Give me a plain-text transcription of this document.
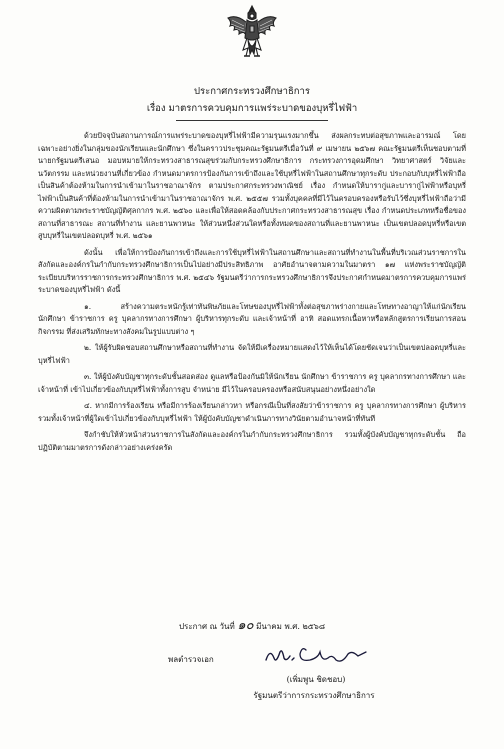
ประกาศกระทรวงศึกษาธิการ
เรื่อง มาตรการควบคุมการแพร่ระบาดของบุหรี่ไฟฟ้า

ด้วยปัจจุบันสถานการณ์การแพร่ระบาดของบุหรี่ไฟฟ้ามีความรุนแรงมากขึ้น ส่งผลกระทบต่อสุขภาพและอารมณ์ โดยเฉพาะอย่างยิ่งในกลุ่มของนักเรียนและนักศึกษา ซึ่งในคราวประชุมคณะรัฐมนตรีเมื่อวันที่ ๙ เมษายน ๒๕๖๗ คณะรัฐมนตรีเห็นชอบตามที่นายกรัฐมนตรีเสนอ มอบหมายให้กระทรวงสาธารณสุขร่วมกับกระทรวงศึกษาธิการ กระทรวงการอุดมศึกษา วิทยาศาสตร์ วิจัยและนวัตกรรม และหน่วยงานที่เกี่ยวข้อง กำหนดมาตรการป้องกันการเข้าถึงและใช้บุหรี่ไฟฟ้าในสถานศึกษาทุกระดับ ประกอบกับบุหรี่ไฟฟ้าถือเป็นสินค้าต้องห้ามในการนำเข้ามาในราชอาณาจักร ตามประกาศกระทรวงพาณิชย์ เรื่อง กำหนดให้บารากู่และบารากู่ไฟฟ้าหรือบุหรี่ไฟฟ้าเป็นสินค้าที่ต้องห้ามในการนำเข้ามาในราชอาณาจักร พ.ศ. ๒๕๕๗ รวมทั้งบุคคลที่มีไว้ในครอบครองหรือรับไว้ซึ่งบุหรี่ไฟฟ้าถือว่ามีความผิดตามพระราชบัญญัติศุลกากร พ.ศ. ๒๕๖๐ และเพื่อให้สอดคล้องกับประกาศกระทรวงสาธารณสุข เรื่อง กำหนดประเภทหรือชื่อของสถานที่สาธารณะ สถานที่ทำงาน และยานพาหนะ ให้ส่วนหนึ่งส่วนใดหรือทั้งหมดของสถานที่และยานพาหนะ เป็นเขตปลอดบุหรี่หรือเขตสูบบุหรี่ในเขตปลอดบุหรี่ พ.ศ. ๒๕๖๑

ดังนั้น เพื่อให้การป้องกันการเข้าถึงและการใช้บุหรี่ไฟฟ้าในสถานศึกษาและสถานที่ทำงานในพื้นที่บริเวณส่วนราชการในสังกัดและองค์กรในกำกับกระทรวงศึกษาธิการเป็นไปอย่างมีประสิทธิภาพ อาศัยอำนาจตามความในมาตรา ๑๗ แห่งพระราชบัญญัติระเบียบบริหารราชการกระทรวงศึกษาธิการ พ.ศ. ๒๕๔๖ รัฐมนตรีว่าการกระทรวงศึกษาธิการจึงประกาศกำหนดมาตรการควบคุมการแพร่ระบาดของบุหรี่ไฟฟ้า ดังนี้

๑. สร้างความตระหนักรู้เท่าทันพิษภัยและโทษของบุหรี่ไฟฟ้าทั้งต่อสุขภาพร่างกายและโทษทางอาญาให้แก่นักเรียน นักศึกษา ข้าราชการ ครู บุคลากรทางการศึกษา ผู้บริหารทุกระดับ และเจ้าหน้าที่ อาทิ สอดแทรกเนื้อหาหรือหลักสูตรการเรียนการสอน กิจกรรม ที่ส่งเสริมทักษะทางสังคมในรูปแบบต่าง ๆ

๒. ให้ผู้รับผิดชอบสถานศึกษาหรือสถานที่ทำงาน จัดให้มีเครื่องหมายแสดงไว้ให้เห็นได้โดยชัดเจนว่าเป็นเขตปลอดบุหรี่และบุหรี่ไฟฟ้า

๓. ให้ผู้บังคับบัญชาทุกระดับชั้นสอดส่อง ดูแลหรือป้องกันมิให้นักเรียน นักศึกษา ข้าราชการ ครู บุคลากรทางการศึกษา และเจ้าหน้าที่ เข้าไปเกี่ยวข้องกับบุหรี่ไฟฟ้าทั้งการสูบ จำหน่าย มีไว้ในครอบครองหรือสนับสนุนอย่างหนึ่งอย่างใด

๔. หากมีการร้องเรียน หรือมีการร้องเรียนกล่าวหา หรือกรณีเป็นที่สงสัยว่าข้าราชการ ครู บุคลากรทางการศึกษา ผู้บริหาร รวมทั้งเจ้าหน้าที่ผู้ใดเข้าไปเกี่ยวข้องกับบุหรี่ไฟฟ้า ให้ผู้บังคับบัญชาดำเนินการทางวินัยตามอำนาจหน้าที่ทันที

จึงกำชับให้หัวหน้าส่วนราชการในสังกัดและองค์กรในกำกับกระทรวงศึกษาธิการ รวมทั้งผู้บังคับบัญชาทุกระดับชั้น ถือปฏิบัติตามมาตรการดังกล่าวอย่างเคร่งครัด

ประกาศ ณ วันที่ ๑๐ มีนาคม พ.ศ. ๒๕๖๘
พลตำรวจเอก
(เพิ่มพูน ชิดชอบ)
รัฐมนตรีว่าการกระทรวงศึกษาธิการ
